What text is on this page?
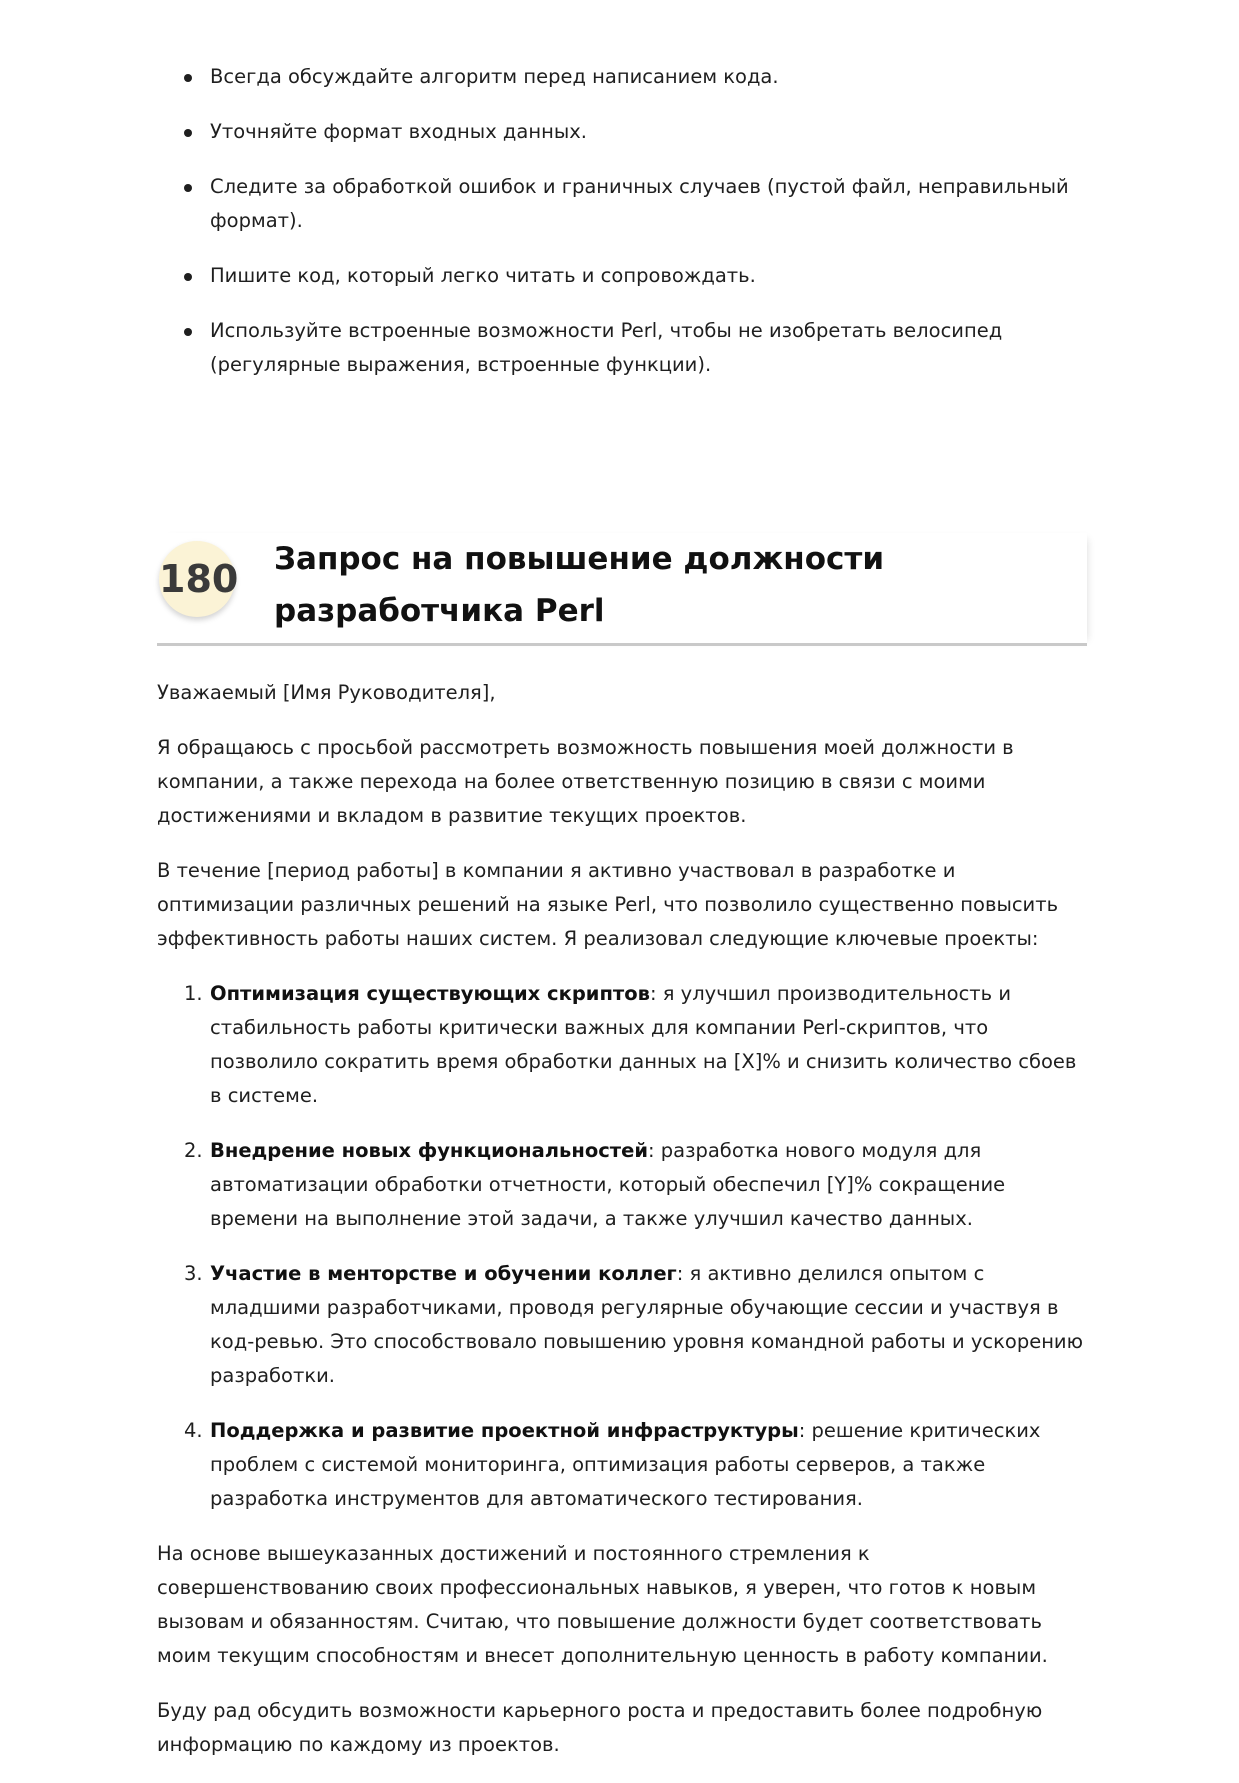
Всегда обсуждайте алгоритм перед написанием кода.
Уточняйте формат входных данных.
Следите за обработкой ошибок и граничных случаев (пустой файл, неправильный формат).
Пишите код, который легко читать и сопровождать.
Используйте встроенные возможности Perl, чтобы не изобретать велосипед (регулярные выражения, встроенные функции).
180 Запрос на повышение должности разработчика Perl

Уважаемый [Имя Руководителя],

Я обращаюсь с просьбой рассмотреть возможность повышения моей должности в компании, а также перехода на более ответственную позицию в связи с моими достижениями и вкладом в развитие текущих проектов.

В течение [период работы] в компании я активно участвовал в разработке и оптимизации различных решений на языке Perl, что позволило существенно повысить эффективность работы наших систем. Я реализовал следующие ключевые проекты:

1. Оптимизация существующих скриптов: я улучшил производительность и стабильность работы критически важных для компании Perl-скриптов, что позволило сократить время обработки данных на [X]% и снизить количество сбоев в системе.
2. Внедрение новых функциональностей: разработка нового модуля для автоматизации обработки отчетности, который обеспечил [Y]% сокращение времени на выполнение этой задачи, а также улучшил качество данных.
3. Участие в менторстве и обучении коллег: я активно делился опытом с младшими разработчиками, проводя регулярные обучающие сессии и участвуя в код-ревью. Это способствовало повышению уровня командной работы и ускорению разработки.
4. Поддержка и развитие проектной инфраструктуры: решение критических проблем с системой мониторинга, оптимизация работы серверов, а также разработка инструментов для автоматического тестирования.

На основе вышеуказанных достижений и постоянного стремления к совершенствованию своих профессиональных навыков, я уверен, что готов к новым вызовам и обязанностям. Считаю, что повышение должности будет соответствовать моим текущим способностям и внесет дополнительную ценность в работу компании.

Буду рад обсудить возможности карьерного роста и предоставить более подробную информацию по каждому из проектов.
